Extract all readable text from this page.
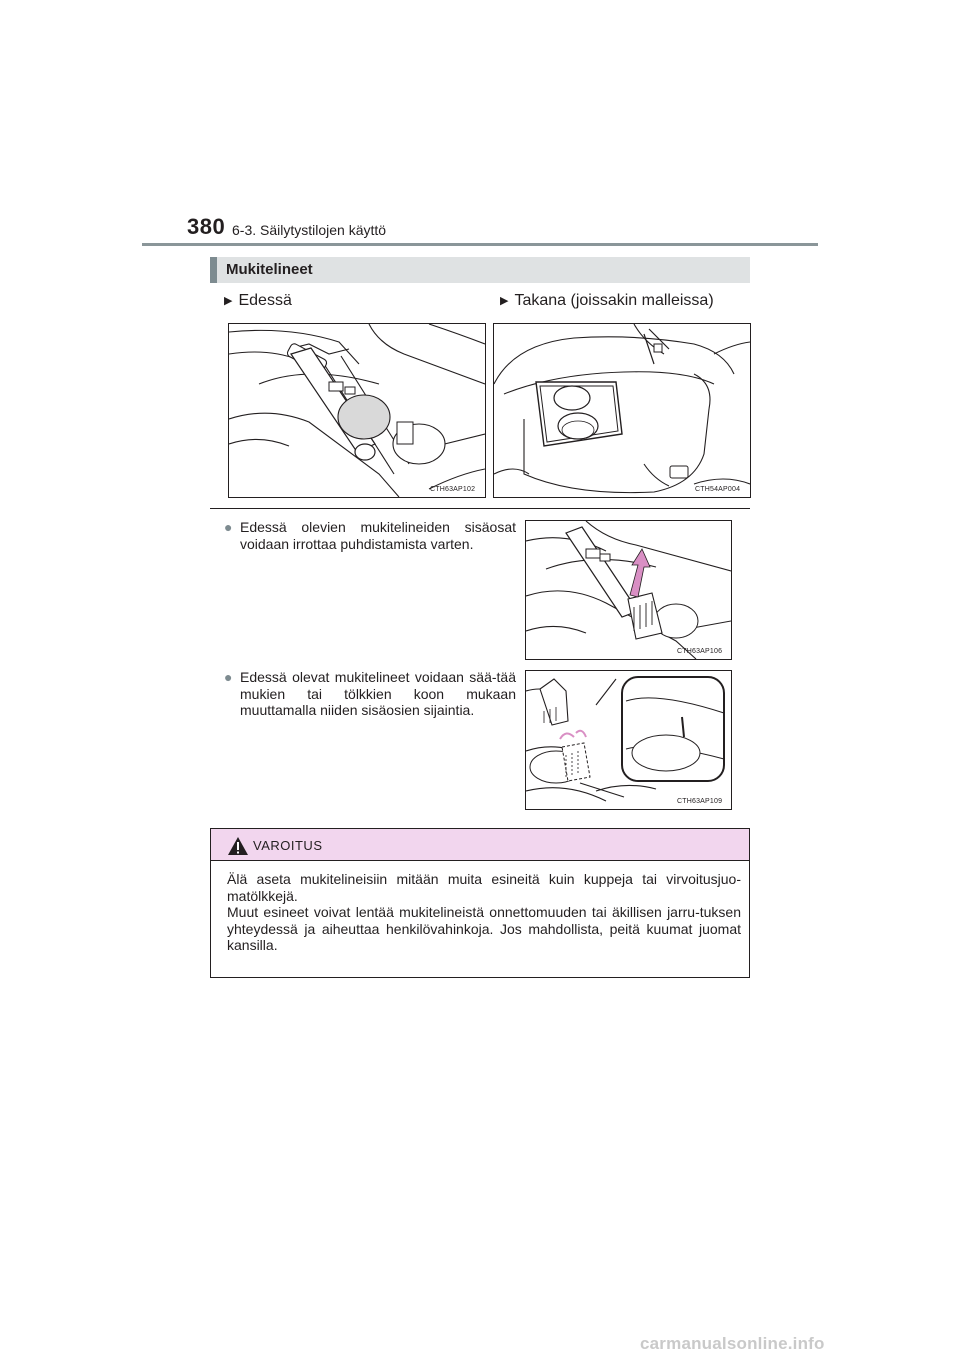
380 6-3. Säilytystilojen käyttö
Mukitelineet
▶ Edessä	▶ Takana (joissakin malleissa)
CTH63AP102	CTH54AP004
● Edessä olevien mukitelineiden sisäosat voidaan irrottaa puhdistamista varten.
CTH63AP106
● Edessä olevat mukitelineet voidaan sää-tää mukien tai tölkkien koon mukaan muuttamalla niiden sisäosien sijaintia.
CTH63AP109
VAROITUS
Älä aseta mukitelineisiin mitään muita esineitä kuin kuppeja tai virvoitusjuo-matölkkejä.
Muut esineet voivat lentää mukitelineistä onnettomuuden tai äkillisen jarru-tuksen yhteydessä ja aiheuttaa henkilövahinkoja. Jos mahdollista, peitä kuumat juomat kansilla.
carmanualsonline.info
